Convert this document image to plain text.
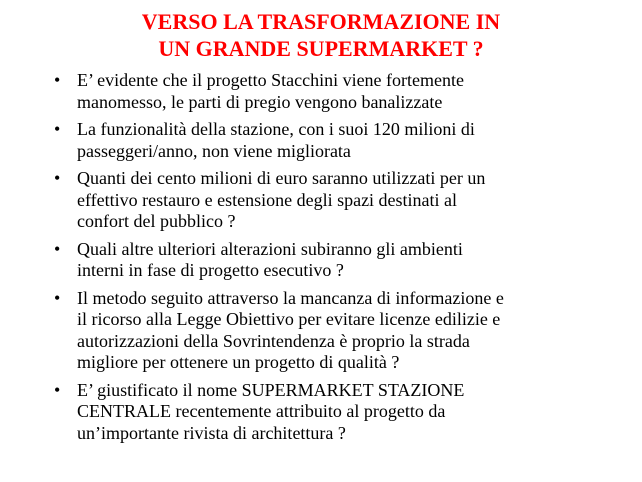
VERSO LA TRASFORMAZIONE IN
UN GRANDE SUPERMARKET ?
• E’ evidente che il progetto Stacchini viene fortemente
manomesso, le parti di pregio vengono banalizzate
• La funzionalità della stazione, con i suoi 120 milioni di
passeggeri/anno, non viene migliorata
• Quanti dei cento milioni di euro saranno utilizzati per un
effettivo restauro e estensione degli spazi destinati al
confort del pubblico ?
• Quali altre ulteriori alterazioni subiranno gli ambienti
interni in fase di progetto esecutivo ?
• Il metodo seguito attraverso la mancanza di informazione e
il ricorso alla Legge Obiettivo per evitare licenze edilizie e
autorizzazioni della Sovrintendenza è proprio la strada
migliore per ottenere un progetto di qualità ?
• E’ giustificato il nome SUPERMARKET STAZIONE
CENTRALE recentemente attribuito al progetto da
un’importante rivista di architettura ?
